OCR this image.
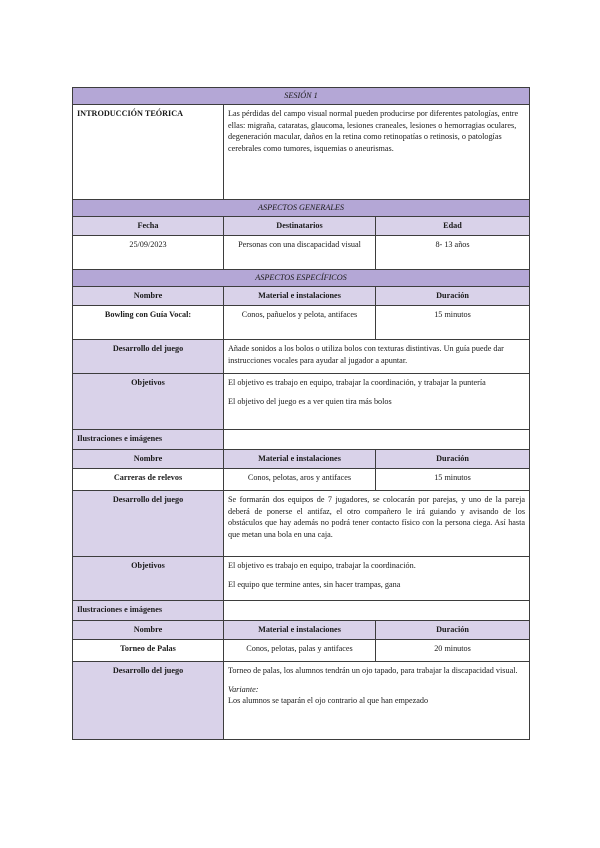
SESIÓN 1		
INTRODUCCIÓN TEÓRICA	Las pérdidas del campo visual normal pueden producirse por diferentes patologías, entre ellas: migraña, cataratas, glaucoma, lesiones craneales, lesiones o hemorragias oculares, degeneración macular, daños en la retina como retinopatías o retinosis, o patologías cerebrales como tumores, isquemias o aneurismas.	
ASPECTOS GENERALES		
Fecha	Destinatarios	Edad
25/09/2023	Personas con una discapacidad visual	8- 13 años
ASPECTOS ESPECÍFICOS		
Nombre	Material e instalaciones	Duración
Bowling con Guía Vocal:	Conos, pañuelos y pelota, antifaces	15 minutos
Desarrollo del juego	Añade sonidos a los bolos o utiliza bolos con texturas distintivas. Un guía puede dar instrucciones vocales para ayudar al jugador a apuntar.	
Objetivos	El objetivo es trabajo en equipo, trabajar la coordinación, y trabajar la puntería
El objetivo del juego es a ver quien tira más bolos	

Ilustraciones e imágenes		
Nombre	Material e instalaciones	Duración
Carreras de relevos	Conos, pelotas, aros y antifaces	15 minutos
Desarrollo del juego	Se formarán dos equipos de 7 jugadores, se colocarán por parejas, y uno de la pareja deberá de ponerse el antifaz, el otro compañero le irá guiando y avisando de los obstáculos que hay además no podrá tener contacto físico con la persona ciega. Así hasta que metan una bola en una caja.	
Objetivos	El objetivo es trabajo en equipo, trabajar la coordinación.
El equipo que termine antes, sin hacer trampas, gana	

Ilustraciones e imágenes		
Nombre	Material e instalaciones	Duración
Torneo de Palas	Conos, pelotas, palas y antifaces	20 minutos
Desarrollo del juego	Torneo de palas, los alumnos tendrán un ojo tapado, para trabajar la discapacidad visual.
Variante:
Los alumnos se taparán el ojo contrario al que han empezado	
